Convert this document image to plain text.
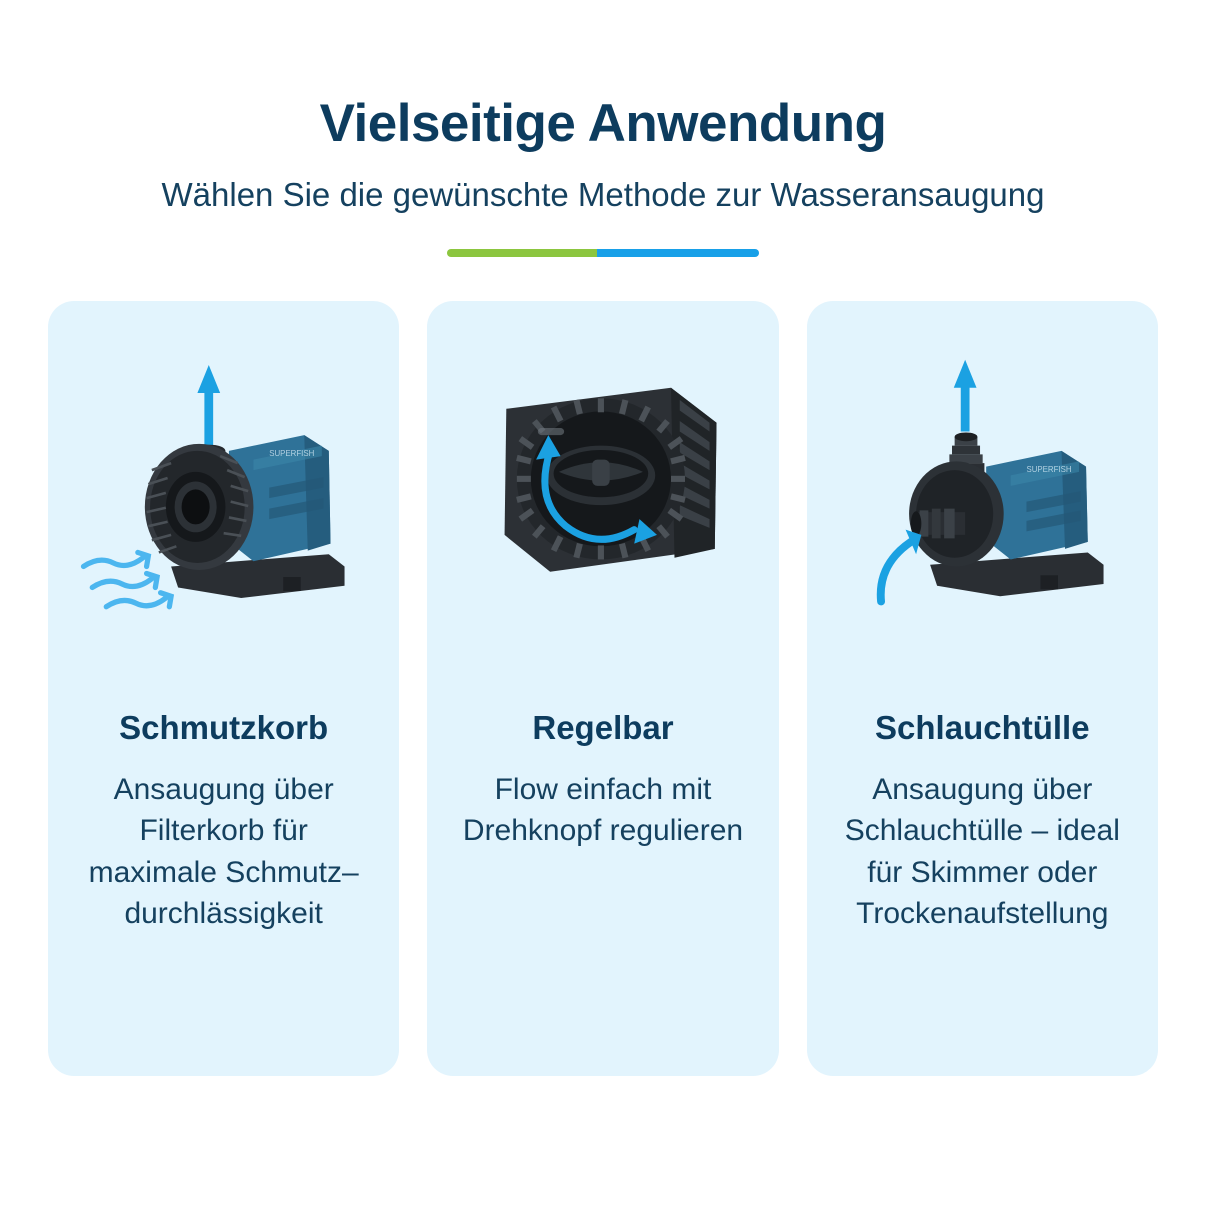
Vielseitige Anwendung

Wählen Sie die gewünschte Methode zur Wasseransaugung

SUPERFISH
Schmutzkorb

Ansaugung über Filterkorb für maximale Schmutz–durchlässigkeit

Regelbar

Flow einfach mit Drehknopf regulieren

SUPERFISH
Schlauchtülle

Ansaugung über Schlauchtülle – ideal für Skimmer oder Trockenaufstellung
